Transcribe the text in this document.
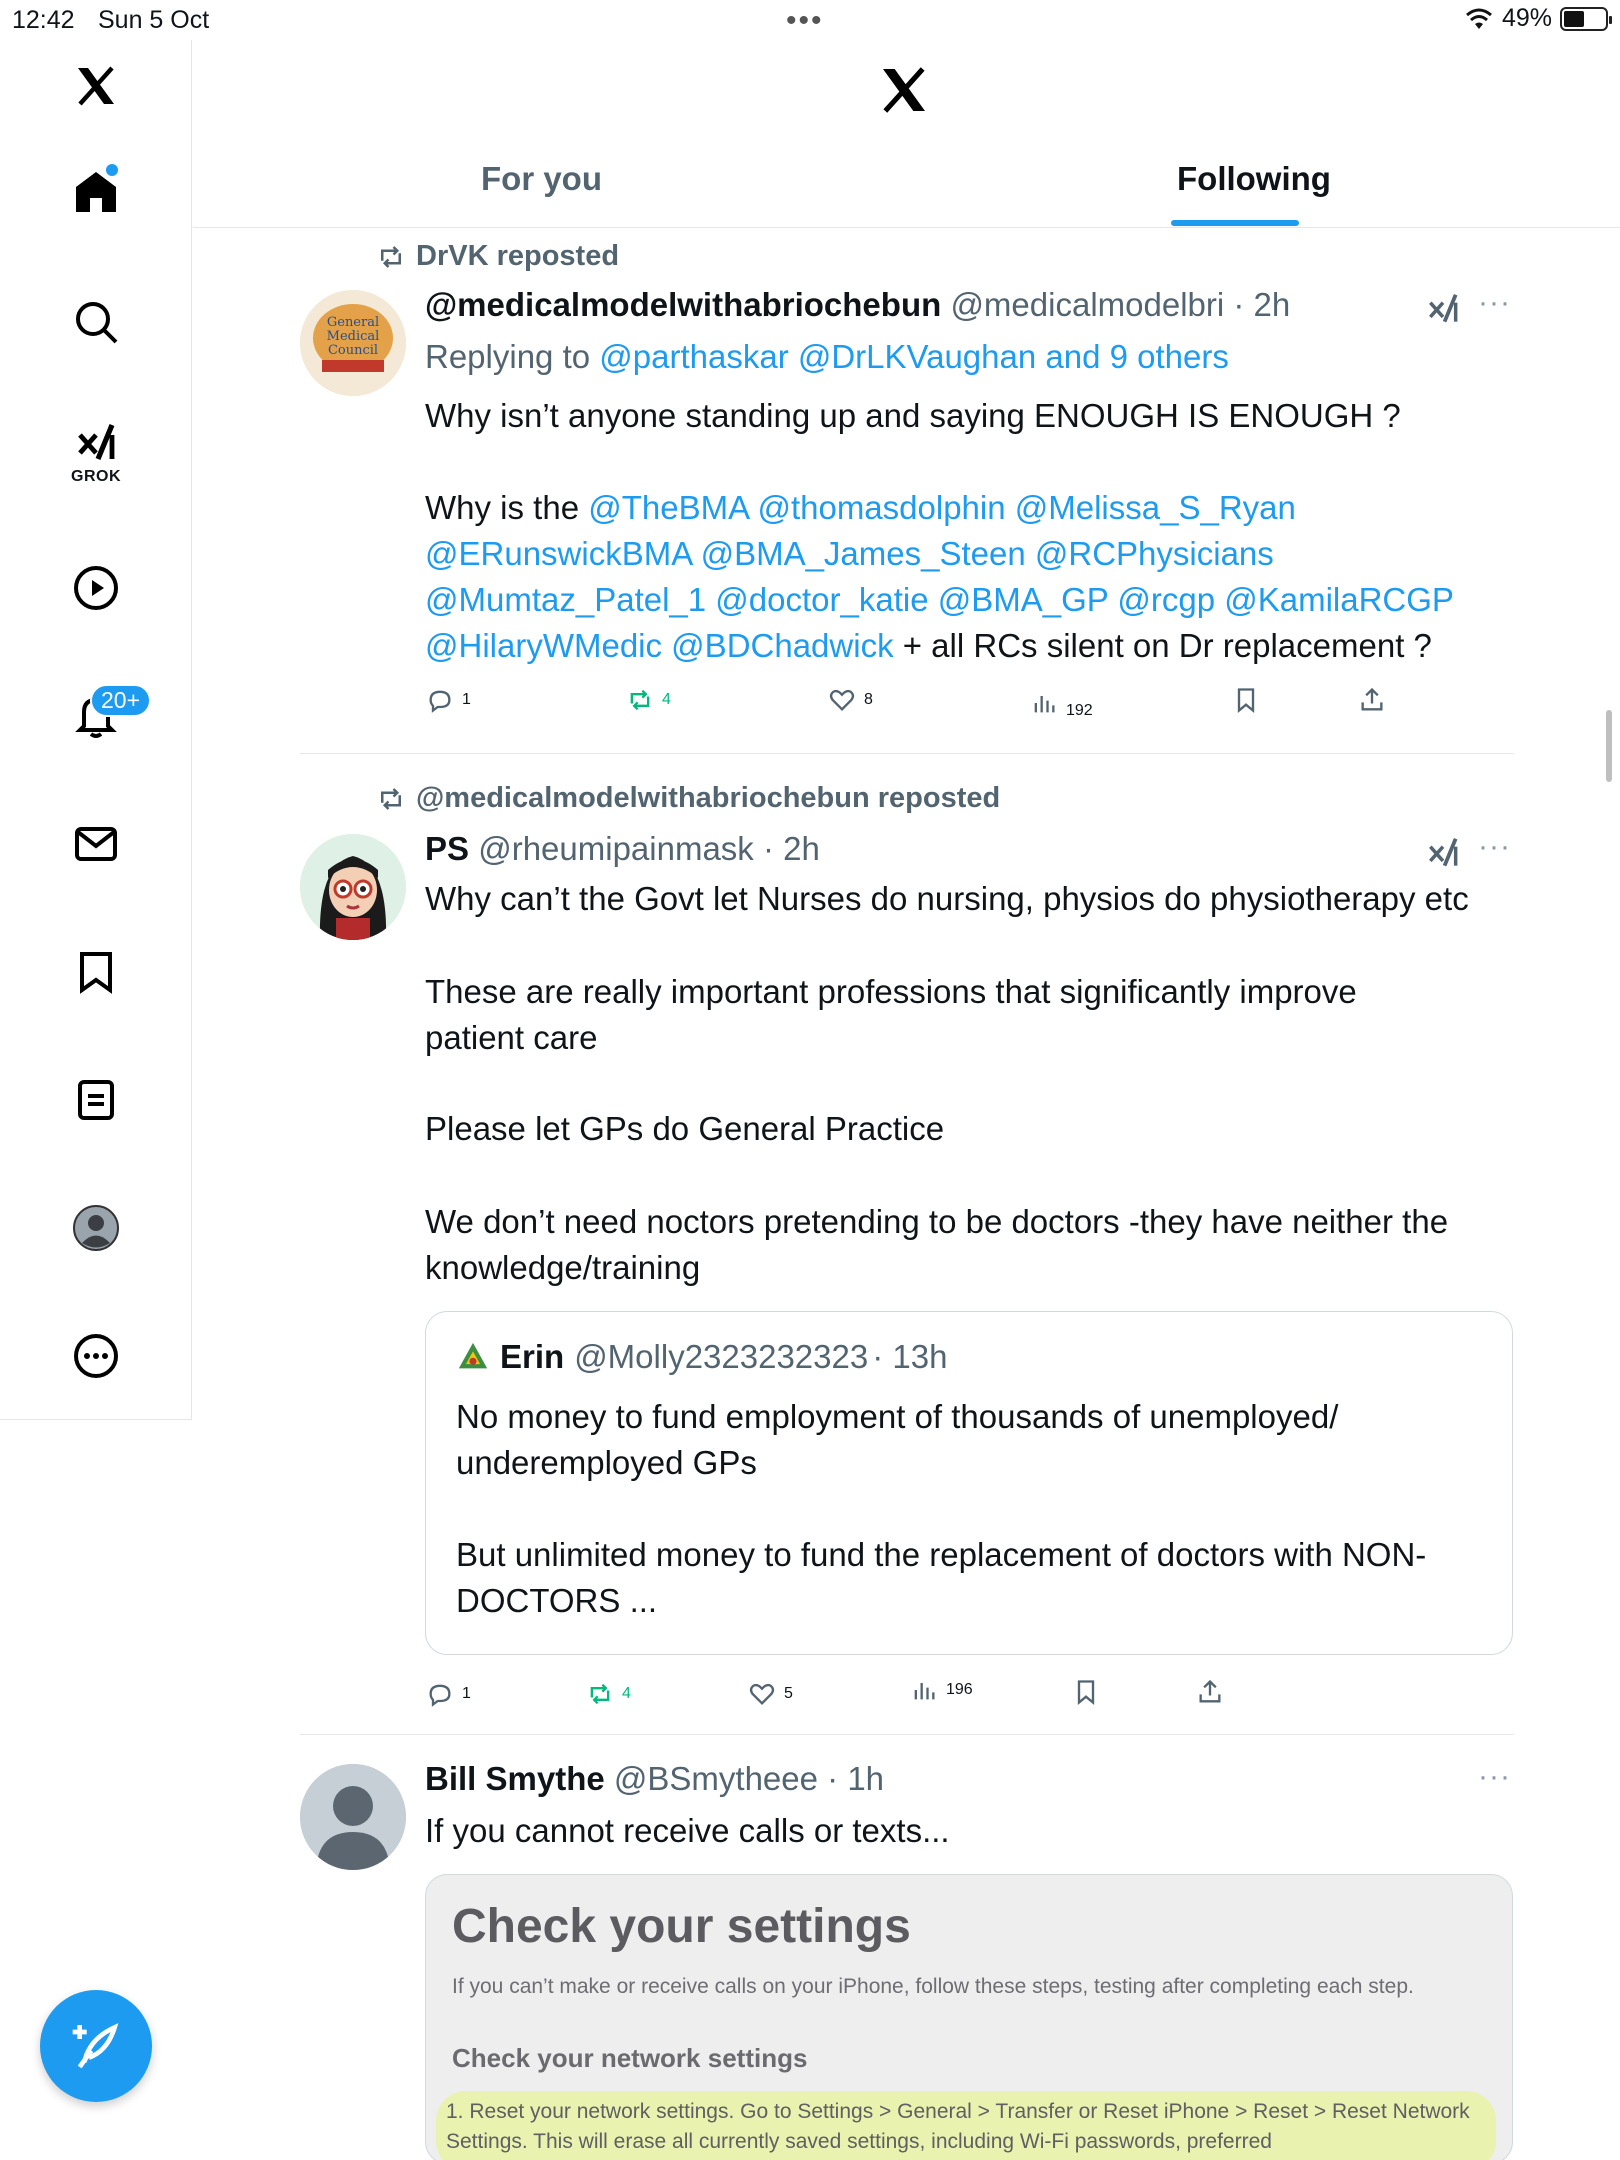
12:42 Sun 5 Oct	•••	49%
GROK
20+
For you	Following
DrVK reposted
General
Medical
Council
@medicalmodelwithabriochebun @medicalmodelbri · 2h	···
Replying to @parthaskar @DrLKVaughan and 9 others
Why isn’t anyone standing up and saying ENOUGH IS ENOUGH ?
Why is the @TheBMA @thomasdolphin @Melissa_S_Ryan
@ERunswickBMA @BMA_James_Steen @RCPhysicians
@Mumtaz_Patel_1 @doctor_katie @BMA_GP @rcgp @KamilaRCGP
@HilaryWMedic @BDChadwick + all RCs silent on Dr replacement ?
1	4	8
192
@medicalmodelwithabriochebun reposted
PS @rheumipainmask · 2h	···
Why can’t the Govt let Nurses do nursing, physios do physiotherapy etc
These are really important professions that significantly improve patient care
Please let GPs do General Practice
We don’t need noctors pretending to be doctors -they have neither the knowledge/training
Erin @Molly2323232323 · 13h
No money to fund employment of thousands of unemployed/ underemployed GPs
But unlimited money to fund the replacement of doctors with NON-DOCTORS ...
1	4	5	196
Bill Smythe @BSmytheee · 1h	···
If you cannot receive calls or texts...
Check your settings
If you can’t make or receive calls on your iPhone, follow these steps, testing after completing each step.
Check your network settings
1. Reset your network settings. Go to Settings > General > Transfer or Reset iPhone > Reset > Reset Network Settings. This will erase all currently saved settings, including Wi-Fi passwords, preferred
